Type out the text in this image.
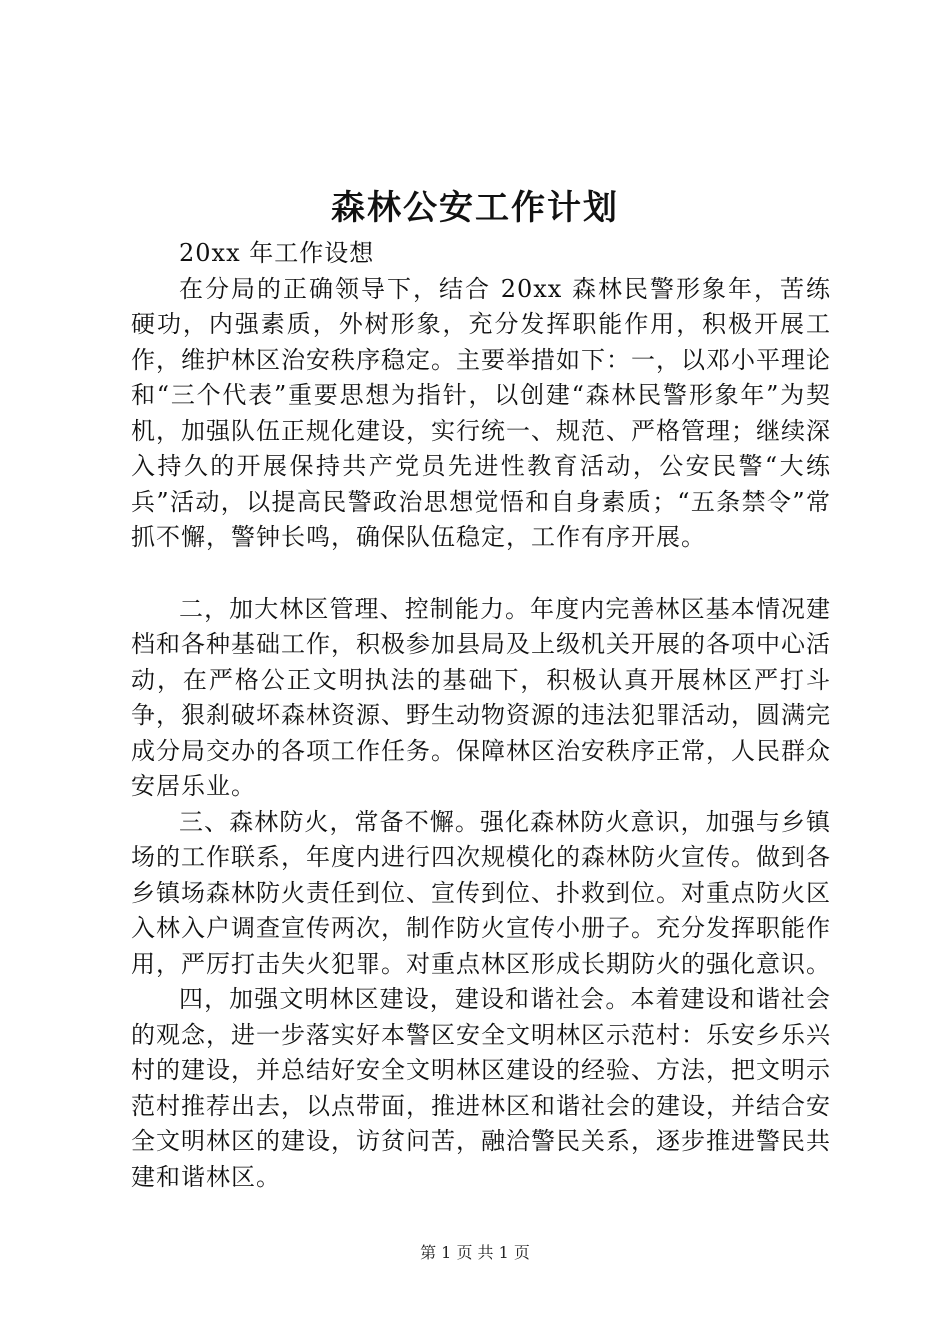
森林公安工作计划

20xx 年工作设想

在分局的正确领导下，结合 20xx 森林民警形象年，苦练硬功，内强素质，外树形象，充分发挥职能作用，积极开展工作，维护林区治安秩序稳定。主要举措如下：一，以邓小平理论和“三个代表”重要思想为指针，以创建“森林民警形象年”为契机，加强队伍正规化建设，实行统一、规范、严格管理；继续深入持久的开展保持共产党员先进性教育活动，公安民警“大练兵”活动，以提高民警政治思想觉悟和自身素质；“五条禁令”常抓不懈，警钟长鸣，确保队伍稳定，工作有序开展。

二，加大林区管理、控制能力。年度内完善林区基本情况建档和各种基础工作，积极参加县局及上级机关开展的各项中心活动，在严格公正文明执法的基础下，积极认真开展林区严打斗争，狠刹破坏森林资源、野生动物资源的违法犯罪活动，圆满完成分局交办的各项工作任务。保障林区治安秩序正常，人民群众安居乐业。

三、森林防火，常备不懈。强化森林防火意识，加强与乡镇场的工作联系，年度内进行四次规模化的森林防火宣传。做到各乡镇场森林防火责任到位、宣传到位、扑救到位。对重点防火区入林入户调查宣传两次，制作防火宣传小册子。充分发挥职能作用，严厉打击失火犯罪。对重点林区形成长期防火的强化意识。

四，加强文明林区建设，建设和谐社会。本着建设和谐社会的观念，进一步落实好本警区安全文明林区示范村：乐安乡乐兴村的建设，并总结好安全文明林区建设的经验、方法，把文明示范村推荐出去，以点带面，推进林区和谐社会的建设，并结合安全文明林区的建设，访贫问苦，融洽警民关系，逐步推进警民共建和谐林区。

第 1 页 共 1 页
